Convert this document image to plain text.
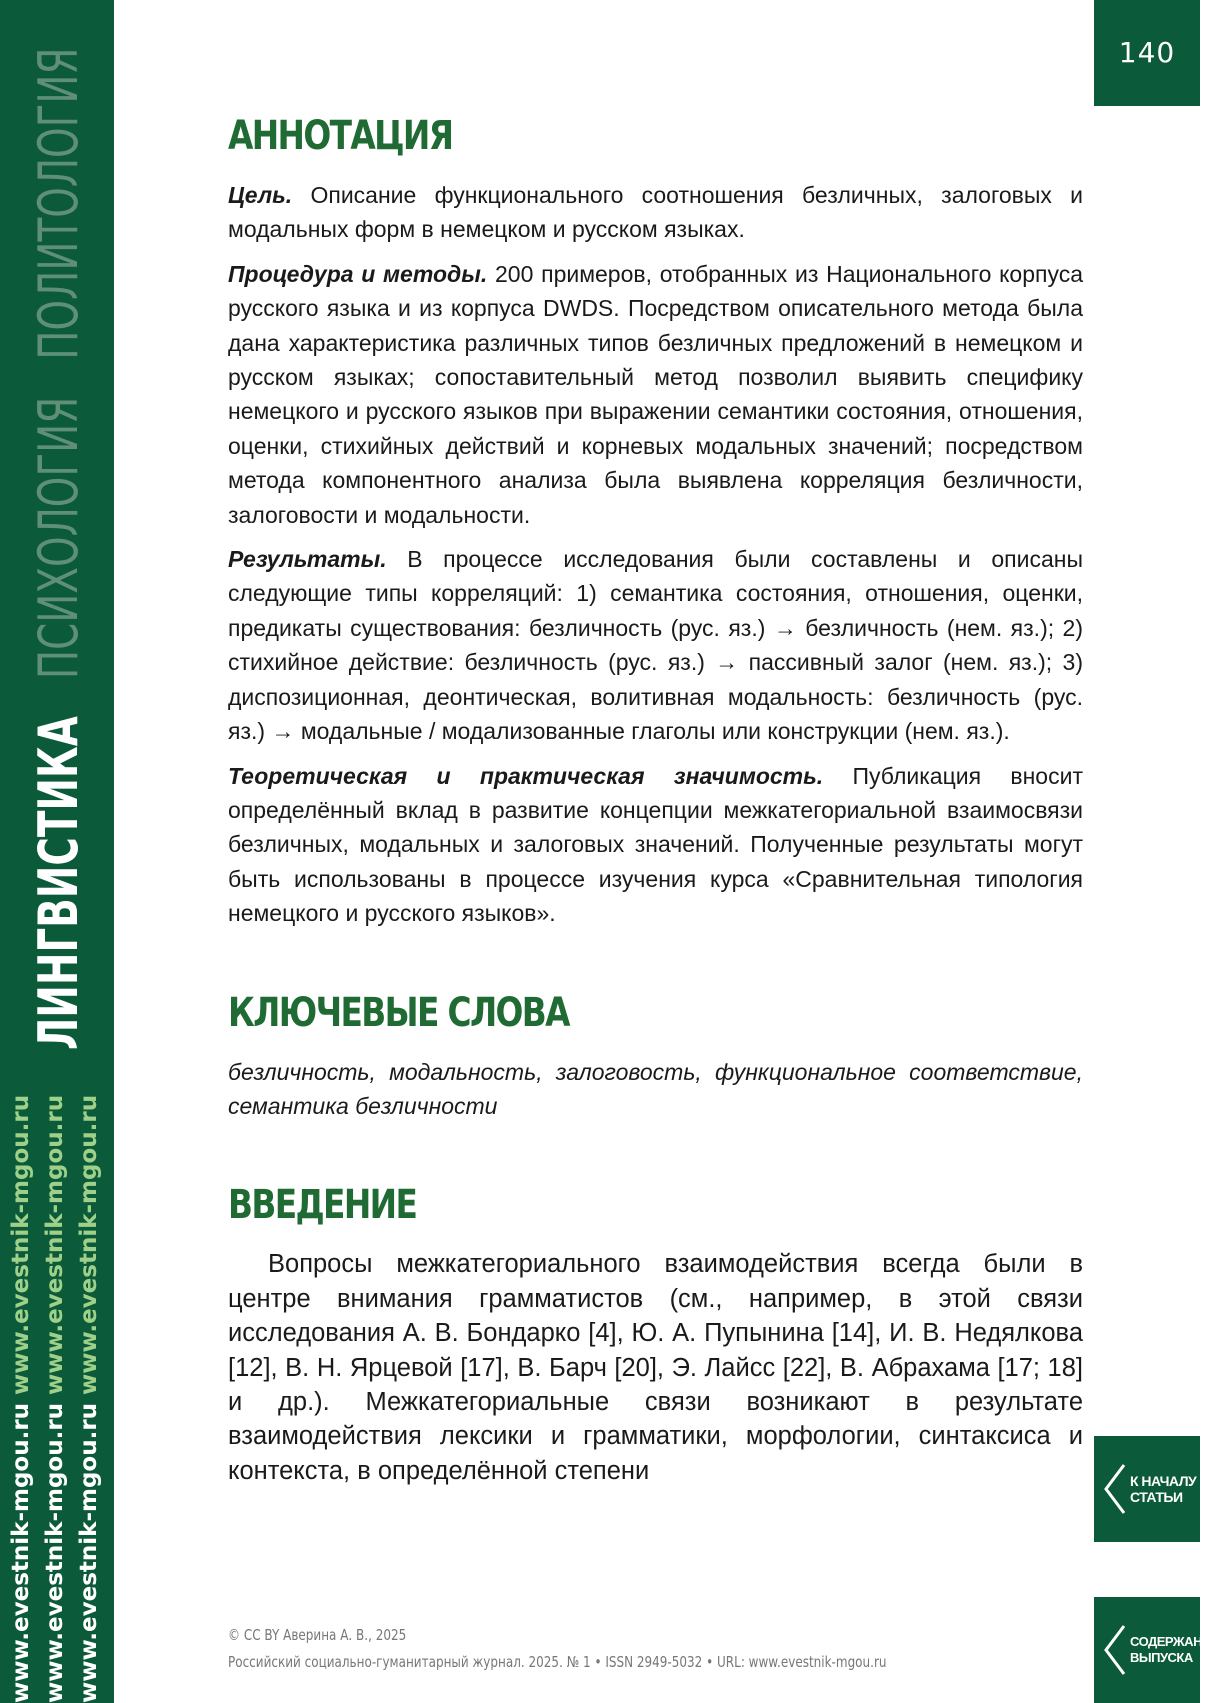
ЛИНГВИСТИКА   ПСИХОЛОГИЯ   ПОЛИТОЛОГИЯ
www.evestnik-mgou.ru www.evestnik-mgou.ru
www.evestnik-mgou.ru www.evestnik-mgou.ru
www.evestnik-mgou.ru www.evestnik-mgou.ru
140
АННОТАЦИЯ

Цель. Описание функционального соотношения безличных, залоговых и модальных форм в немецком и русском языках.

Процедура и методы. 200 примеров, отобранных из Национального корпуса русского языка и из корпуса DWDS. Посредством описательного метода была дана характеристика различных типов безличных предложений в немецком и русском языках; сопоставительный метод позволил выявить специфику немецкого и русского языков при выражении семантики состояния, отношения, оценки, стихийных действий и корневых модальных значений; посредством метода компонентного анализа была выявлена корреляция безличности, залоговости и модальности.

Результаты. В процессе исследования были составлены и описаны следующие типы корреляций: 1) семантика состояния, отношения, оценки, предикаты существования: безличность (рус. яз.) → безличность (нем. яз.); 2) стихийное действие: безличность (рус. яз.) → пассивный залог (нем. яз.); 3) диспозиционная, деонтическая, волитивная модальность: безличность (рус. яз.) → модальные / модализованные глаголы или конструкции (нем. яз.).

Теоретическая и практическая значимость. Публикация вносит определённый вклад в развитие концепции межкатегориальной взаимосвязи безличных, модальных и залоговых значений. Полученные результаты могут быть использованы в процессе изучения курса «Сравнительная типология немецкого и русского языков».

КЛЮЧЕВЫЕ СЛОВА

безличность, модальность, залоговость, функциональное соответствие, семантика безличности

ВВЕДЕНИЕ

Вопросы межкатегориального взаимодействия всегда были в центре внимания грамматистов (см., например, в этой связи исследования А. В. Бондарко [4], Ю. А. Пупынина [14], И. В. Недялкова [12], В. Н. Ярцевой [17], В. Барч [20], Э. Лайсс [22], В. Абрахама [17; 18] и др.). Межкатегориальные связи возникают в результате взаимодействия лексики и грамматики, морфологии, синтаксиса и контекста, в определённой степени	К НАЧАЛУ
СТАТЬИ
СОДЕРЖАНИЕ
ВЫПУСКА
© CC BY Аверина А. В., 2025
Российский социально-гуманитарный журнал. 2025. № 1 • ISSN 2949-5032 • URL: www.evestnik-mgou.ru
